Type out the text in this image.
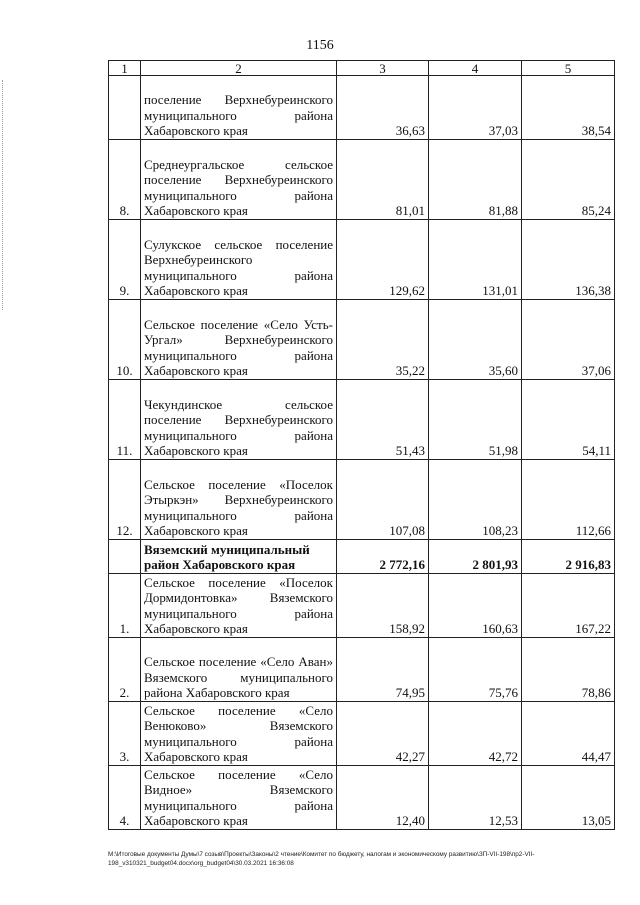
1156
1	2	3	4	5
	поселение Верхнебуреинского муниципального района Хабаровского края	36,63	37,03	38,54
8.	Среднеургальское сельское поселение Верхнебуреинского муниципального района Хабаровского края	81,01	81,88	85,24
9.	Сулукское сельское поселение Верхнебуреинского муниципального района Хабаровского края	129,62	131,01	136,38
10.	Сельское поселение «Село Усть-Ургал» Верхнебуреинского муниципального района Хабаровского края	35,22	35,60	37,06
11.	Чекундинское сельское поселение Верхнебуреинского муниципального района Хабаровского края	51,43	51,98	54,11
12.	Сельское поселение «Поселок Этыркэн» Верхнебуреинского муниципального района Хабаровского края	107,08	108,23	112,66
	Вяземский муниципальный район Хабаровского края	2 772,16	2 801,93	2 916,83
1.	Сельское поселение «Поселок Дормидонтовка» Вяземского муниципального района Хабаровского края	158,92	160,63	167,22
2.	Сельское поселение «Село Аван» Вяземского муниципального района Хабаровского края	74,95	75,76	78,86
3.	Сельское поселение «Село Венюково» Вяземского муниципального района Хабаровского края	42,27	42,72	44,47
4.	Сельское поселение «Село Видное» Вяземского муниципального района Хабаровского края	12,40	12,53	13,05
M:\Итоговые документы Думы\7 созыв\Проекты\Законы\2 чтение\Комитет по бюджету, налогам и экономическому развитию\ЗП-VII-198\пр2-VII-198_v310321_budget04.docx\org_budget04\30.03.2021 16:36:08
